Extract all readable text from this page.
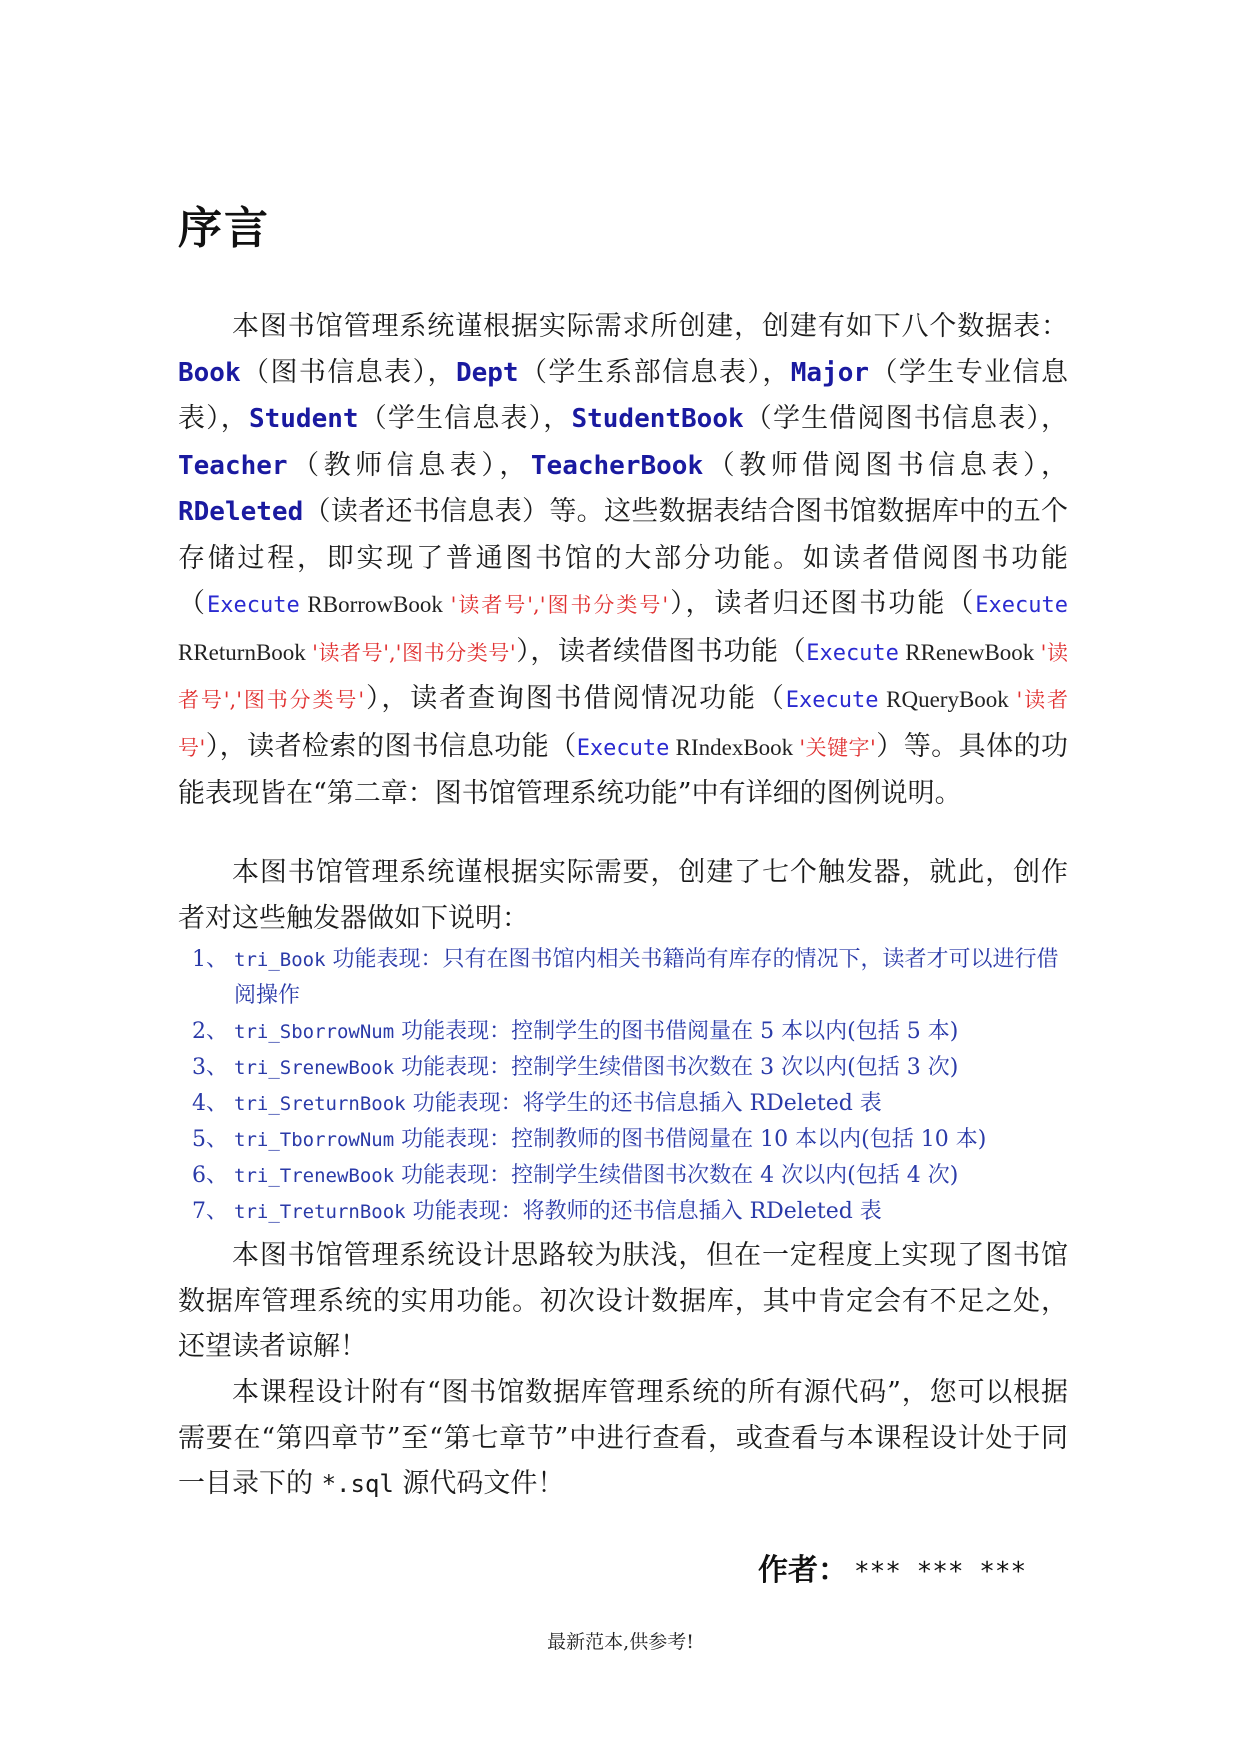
序言

本图书馆管理系统谨根据实际需求所创建，创建有如下八个数据表：Book（图书信息表），Dept（学生系部信息表），Major（学生专业信息表），Student（学生信息表），StudentBook（学生借阅图书信息表），Teacher（教师信息表），TeacherBook（教师借阅图书信息表），RDeleted（读者还书信息表）等。这些数据表结合图书馆数据库中的五个存储过程，即实现了普通图书馆的大部分功能。如读者借阅图书功能（Execute RBorrowBook '读者号','图书分类号'），读者归还图书功能（Execute RReturnBook '读者号','图书分类号'），读者续借图书功能（Execute RRenewBook '读者号','图书分类号'），读者查询图书借阅情况功能（Execute RQueryBook '读者号'），读者检索的图书信息功能（Execute RIndexBook '关键字'）等。具体的功能表现皆在“第二章：图书馆管理系统功能”中有详细的图例说明。

本图书馆管理系统谨根据实际需要，创建了七个触发器，就此，创作者对这些触发器做如下说明：

1、 tri_Book 功能表现：只有在图书馆内相关书籍尚有库存的情况下，读者才可以进行借阅操作
2、 tri_SborrowNum 功能表现：控制学生的图书借阅量在 5 本以内(包括 5 本)
3、 tri_SrenewBook 功能表现：控制学生续借图书次数在 3 次以内(包括 3 次)
4、 tri_SreturnBook 功能表现：将学生的还书信息插入 RDeleted 表
5、 tri_TborrowNum 功能表现：控制教师的图书借阅量在 10 本以内(包括 10 本)
6、 tri_TrenewBook 功能表现：控制学生续借图书次数在 4 次以内(包括 4 次)
7、 tri_TreturnBook 功能表现：将教师的还书信息插入 RDeleted 表

本图书馆管理系统设计思路较为肤浅，但在一定程度上实现了图书馆数据库管理系统的实用功能。初次设计数据库，其中肯定会有不足之处，还望读者谅解！

本课程设计附有“图书馆数据库管理系统的所有源代码”，您可以根据需要在“第四章节”至“第七章节”中进行查看，或查看与本课程设计处于同一目录下的 *.sql 源代码文件！

作者： *** *** ***
最新范本,供参考!
